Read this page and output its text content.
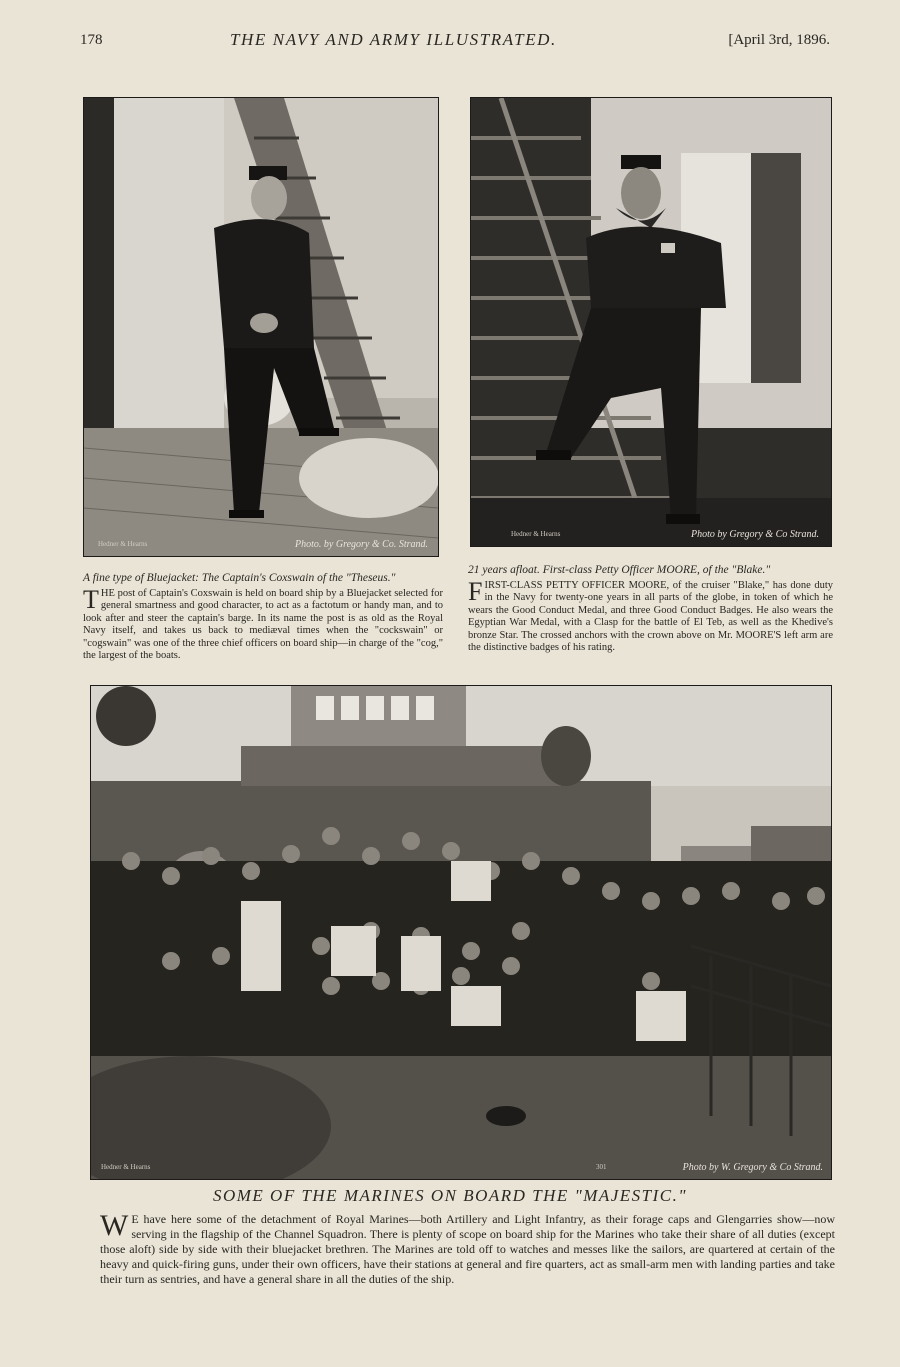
178	THE NAVY AND ARMY ILLUSTRATED.	[April 3rd, 1896.
Hedner & Hearns	Photo. by Gregory & Co. Strand.
Hedner & Hearns	Photo by Gregory & Co Strand.
A fine type of Bluejacket: The Captain's Coxswain of the "Theseus."
THE post of Captain's Coxswain is held on board ship by a Bluejacket selected for general smartness and good character, to act as a factotum or handy man, and to look after and steer the captain's barge. In its name the post is as old as the Royal Navy itself, and takes us back to mediæval times when the "cockswain" or "cogswain" was one of the three chief officers on board ship—in charge of the "cog," the largest of the boats.
21 years afloat. First-class Petty Officer MOORE, of the "Blake."
FIRST-CLASS PETTY OFFICER MOORE, of the cruiser "Blake," has done duty in the Navy for twenty-one years in all parts of the globe, in token of which he wears the Good Conduct Medal, and three Good Conduct Badges. He also wears the Egyptian War Medal, with a Clasp for the battle of El Teb, as well as the Khedive's bronze Star. The crossed anchors with the crown above on Mr. MOORE'S left arm are the distinctive badges of his rating.
Hedner & Hearns	301	Photo by W. Gregory & Co Strand.
SOME OF THE MARINES ON BOARD THE "MAJESTIC."
W E have here some of the detachment of Royal Marines—both Artillery and Light Infantry, as their forage caps and Glengarries show—now serving in the flagship of the Channel Squadron. There is plenty of scope on board ship for the Marines who take their share of all duties (except those aloft) side by side with their bluejacket brethren. The Marines are told off to watches and messes like the sailors, are quartered at certain of the heavy and quick-firing guns, under their own officers, have their stations at general and fire quarters, act as small-arm men with landing parties and take their turn as sentries, and have a general share in all the duties of the ship.
